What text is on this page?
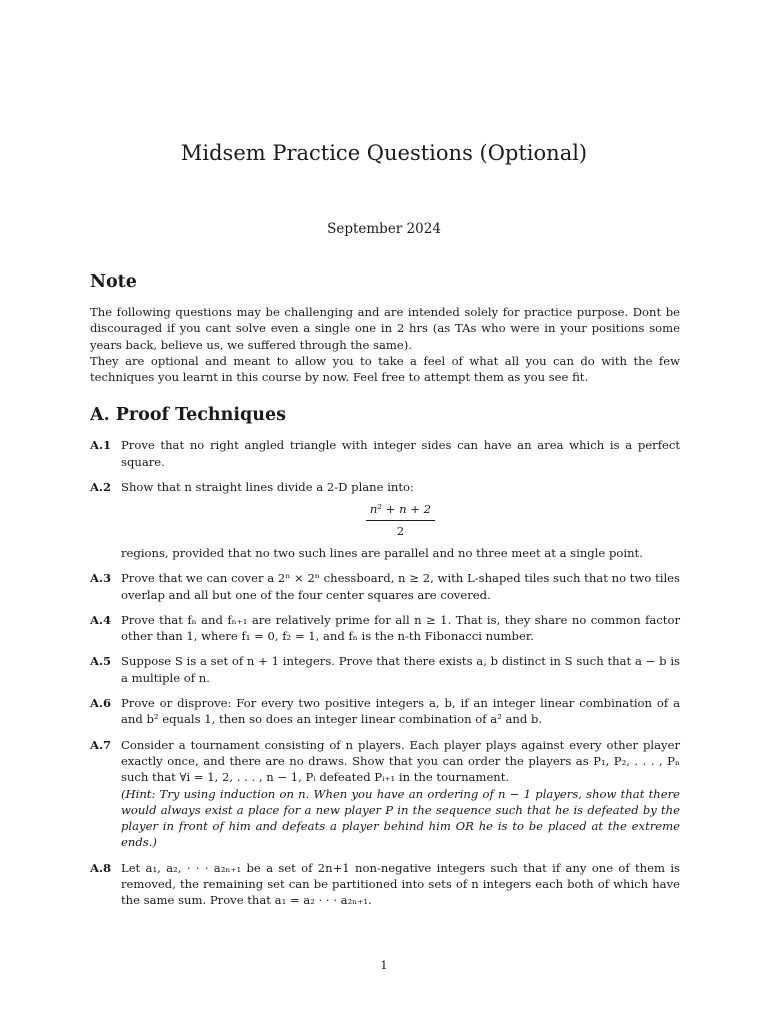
Midsem Practice Questions (Optional)
September 2024
Note

The following questions may be challenging and are intended solely for practice purpose. Dont be discouraged if you cant solve even a single one in 2 hrs (as TAs who were in your positions some years back, believe us, we suffered through the same).

They are optional and meant to allow you to take a feel of what all you can do with the few techniques you learnt in this course by now. Feel free to attempt them as you see fit.

A. Proof Techniques
A.1 Prove that no right angled triangle with integer sides can have an area which is a perfect square.
A.2 Show that n straight lines divide a 2-D plane into:
$\frac{\text{n² + n + 2}}{2}$
regions, provided that no two such lines are parallel and no three meet at a single point.
A.3 Prove that we can cover a 2ⁿ × 2ⁿ chessboard, n ≥ 2, with L-shaped tiles such that no two tiles overlap and all but one of the four center squares are covered.
A.4 Prove that fₙ and fₙ₊₁ are relatively prime for all n ≥ 1. That is, they share no common factor other than 1, where f₁ = 0, f₂ = 1, and fₙ is the n-th Fibonacci number.
A.5 Suppose S is a set of n + 1 integers. Prove that there exists a, b distinct in S such that a − b is a multiple of n.
A.6 Prove or disprove: For every two positive integers a, b, if an integer linear combination of a and b² equals 1, then so does an integer linear combination of a² and b.
A.7 Consider a tournament consisting of n players. Each player plays against every other player exactly once, and there are no draws. Show that you can order the players as P₁, P₂, . . . , Pₙ such that ∀i = 1, 2, . . . , n − 1, Pᵢ defeated Pᵢ₊₁ in the tournament.
(Hint: Try using induction on n. When you have an ordering of n − 1 players, show that there would always exist a place for a new player P in the sequence such that he is defeated by the player in front of him and defeats a player behind him OR he is to be placed at the extreme ends.)
A.8 Let a₁, a₂, · · · a₂ₙ₊₁ be a set of 2n+1 non-negative integers such that if any one of them is removed, the remaining set can be partitioned into sets of n integers each both of which have the same sum. Prove that a₁ = a₂ · · · a₂ₙ₊₁.
1
